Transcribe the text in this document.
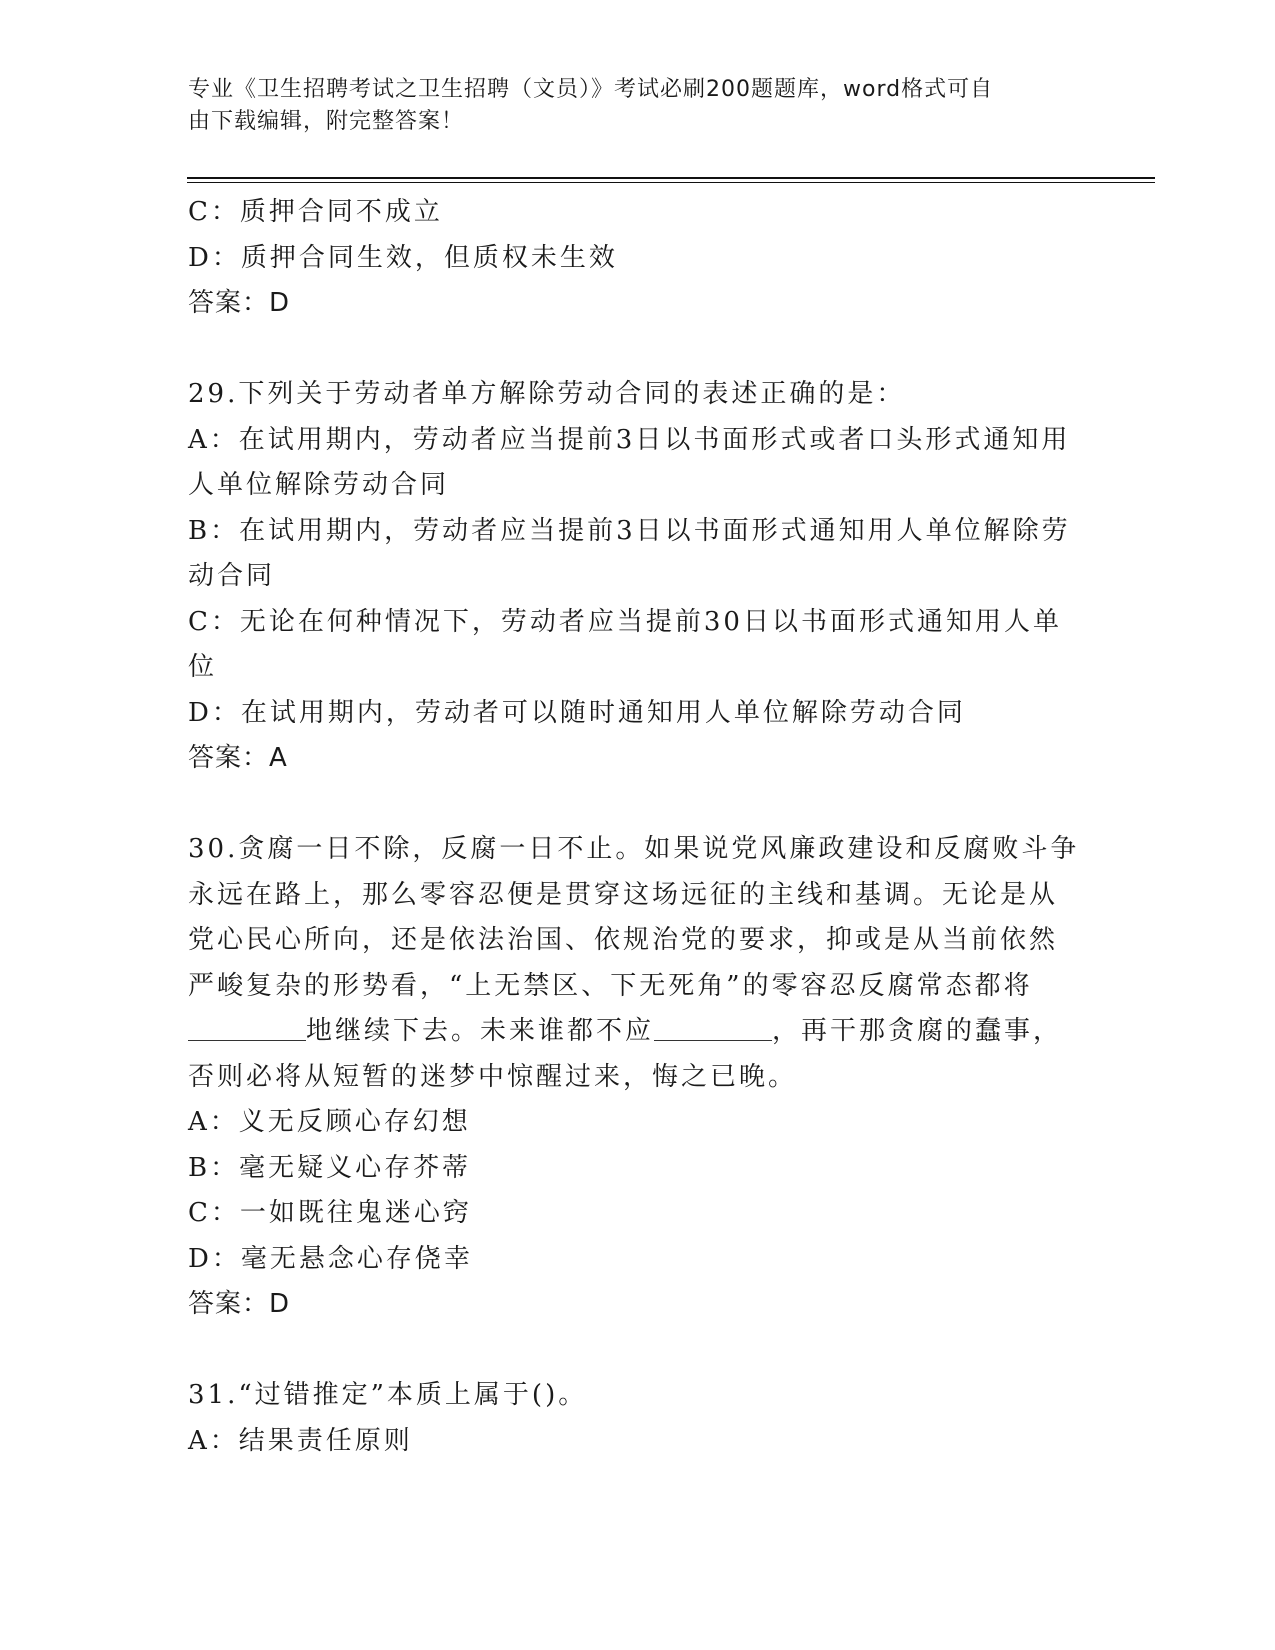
专业《卫生招聘考试之卫生招聘（文员）》考试必刷200题题库，word格式可自
由下载编辑，附完整答案！
C：质押合同不成立
D：质押合同生效，但质权未生效
答案：D
29.下列关于劳动者单方解除劳动合同的表述正确的是：
A：在试用期内，劳动者应当提前3日以书面形式或者口头形式通知用
人单位解除劳动合同
B：在试用期内，劳动者应当提前3日以书面形式通知用人单位解除劳
动合同
C：无论在何种情况下，劳动者应当提前30日以书面形式通知用人单
位
D：在试用期内，劳动者可以随时通知用人单位解除劳动合同
答案：A
30.贪腐一日不除，反腐一日不止。如果说党风廉政建设和反腐败斗争
永远在路上，那么零容忍便是贯穿这场远征的主线和基调。无论是从
党心民心所向，还是依法治国、依规治党的要求，抑或是从当前依然
严峻复杂的形势看，“上无禁区、下无死角”的零容忍反腐常态都将
地继续下去。未来谁都不应	，再干那贪腐的蠢事，
否则必将从短暂的迷梦中惊醒过来，悔之已晚。
A：义无反顾心存幻想
B：毫无疑义心存芥蒂
C：一如既往鬼迷心窍
D：毫无悬念心存侥幸
答案：D
31.“过错推定”本质上属于()。
A：结果责任原则
